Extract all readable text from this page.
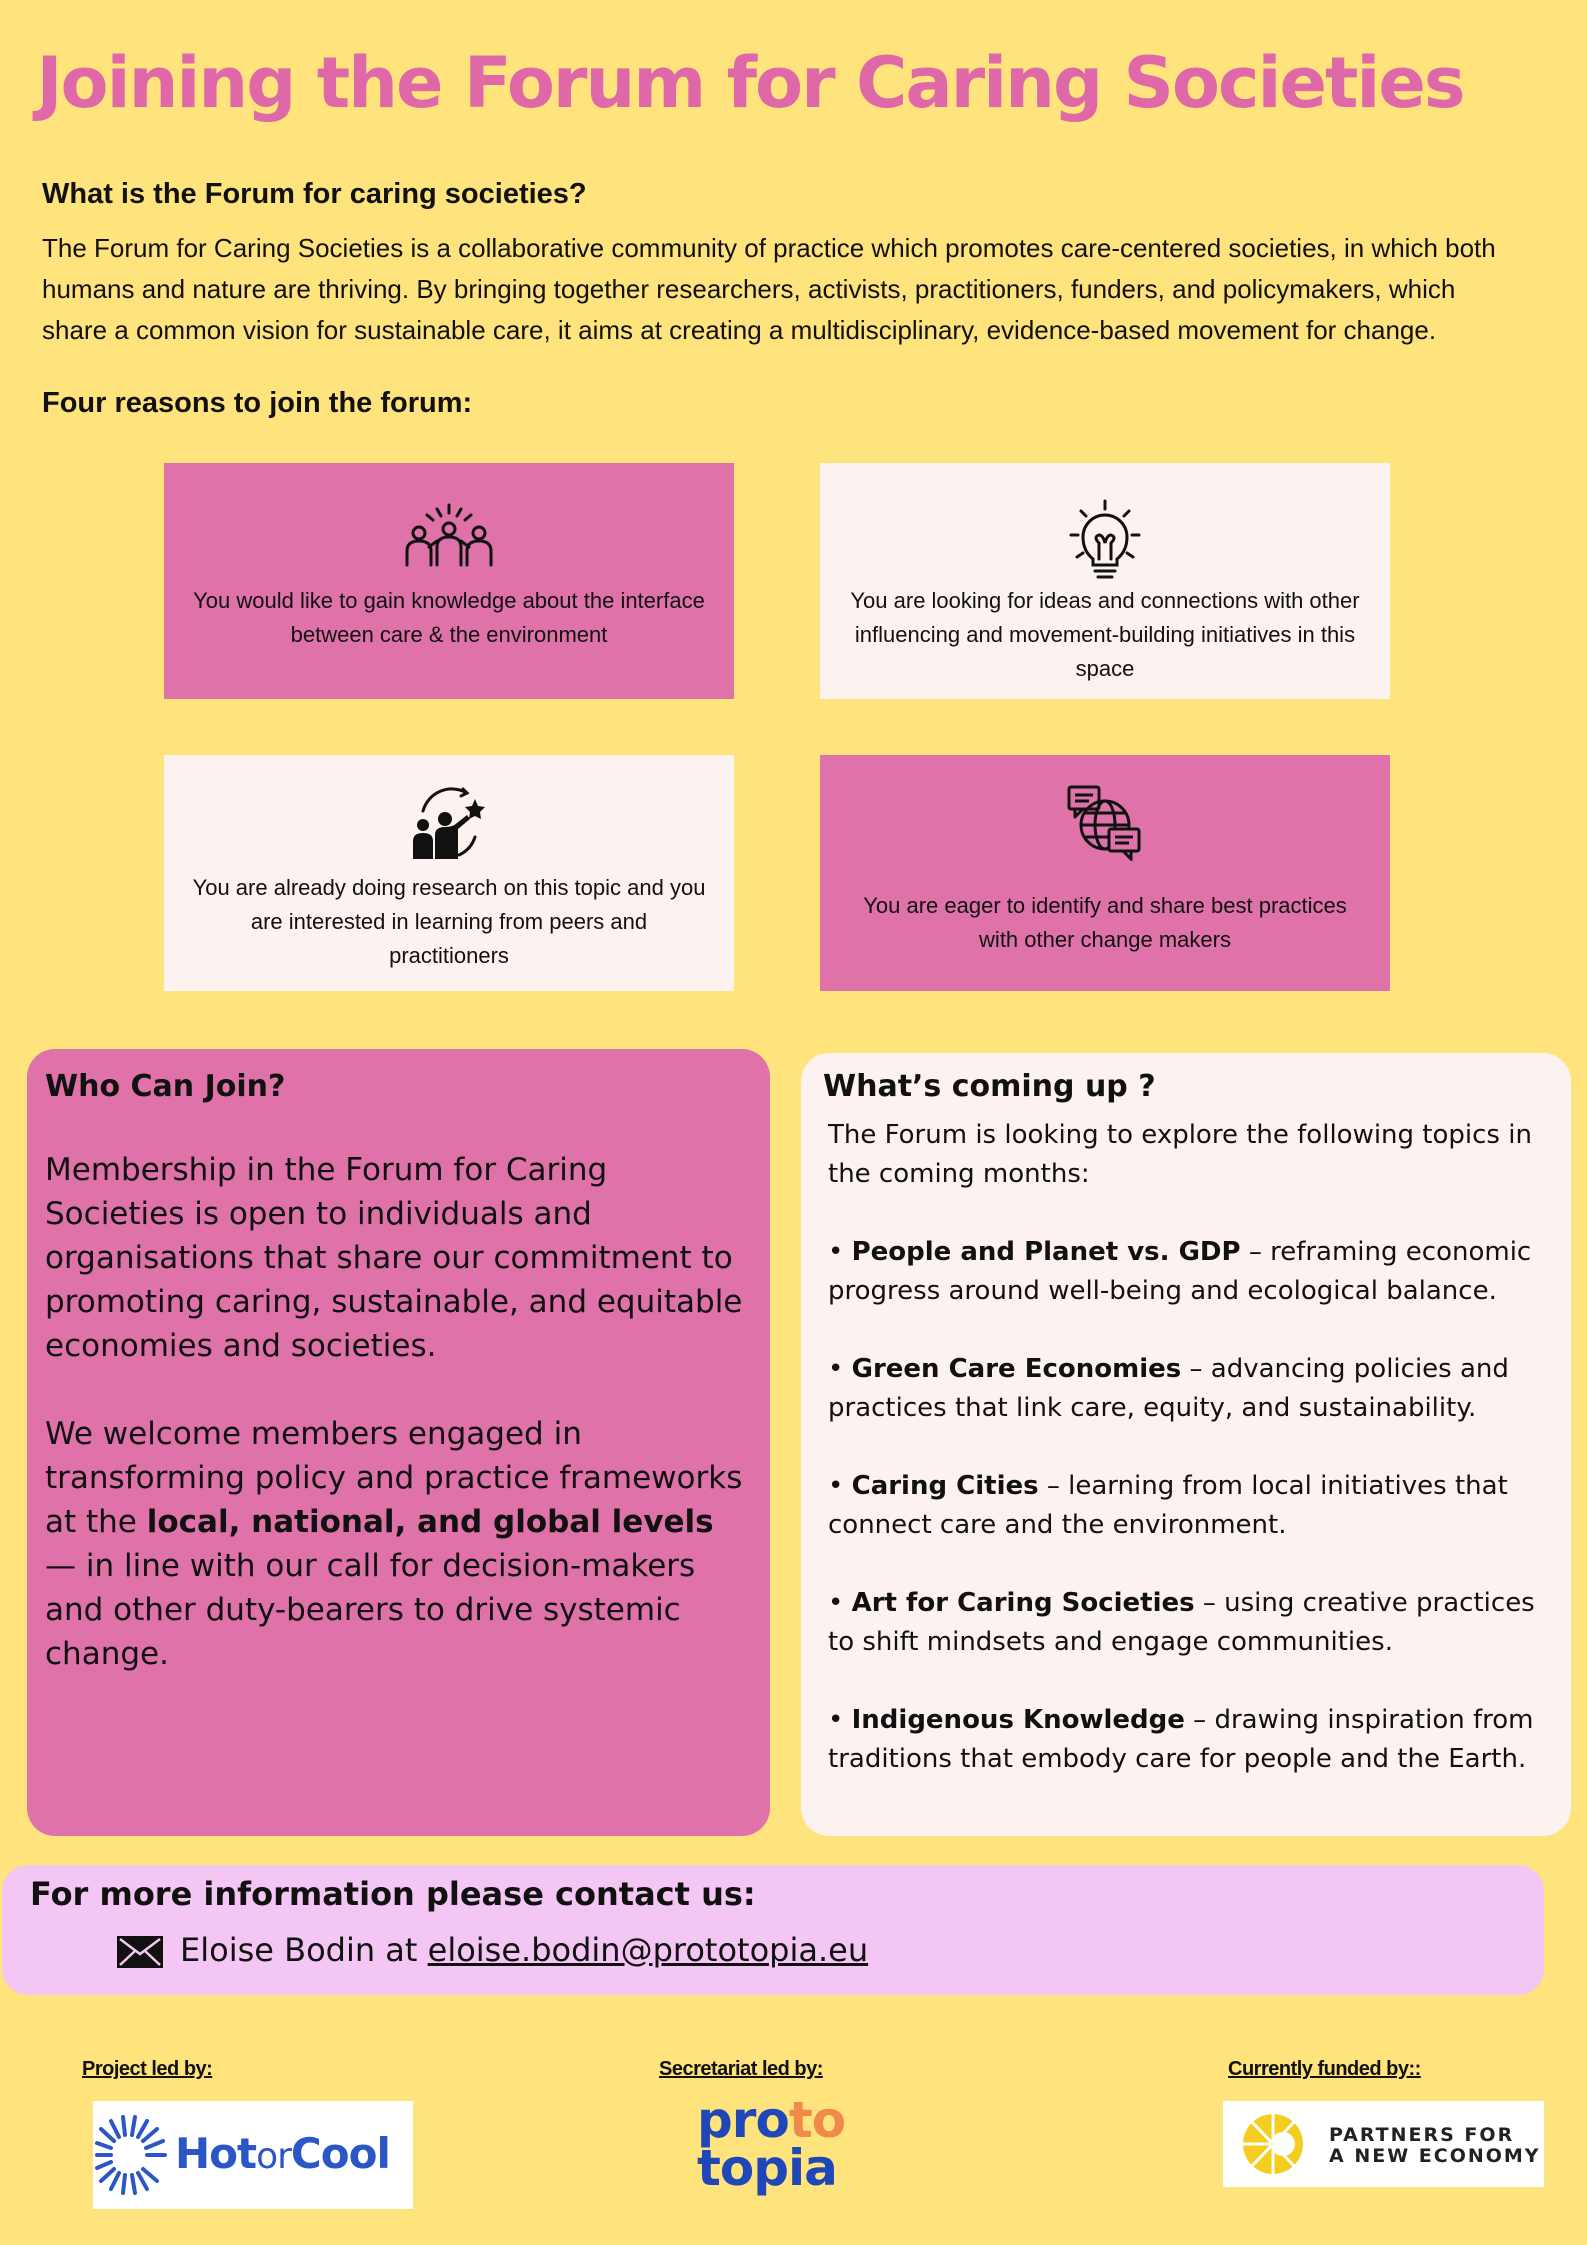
Joining the Forum for Caring Societies
What is the Forum for caring societies?
The Forum for Caring Societies is a collaborative community of practice which promotes care-centered societies, in which both humans and nature are thriving. By bringing together researchers, activists, practitioners, funders, and policymakers, which share a common vision for sustainable care, it aims at creating a multidisciplinary, evidence-based movement for change.
Four reasons to join the forum:
You would like to gain knowledge about the interface between care & the environment
You are looking for ideas and connections with other influencing and movement-building initiatives in this space
You are already doing research on this topic and you are interested in learning from peers and practitioners
You are eager to identify and share best practices with other change makers
Who Can Join?
Membership in the Forum for Caring Societies is open to individuals and organisations that share our commitment to promoting caring, sustainable, and equitable economies and societies.
We welcome members engaged in transforming policy and practice frameworks at the local, national, and global levels — in line with our call for decision-makers and other duty-bearers to drive systemic change.
What’s coming up ?
The Forum is looking to explore the following topics in the coming months:
• People and Planet vs. GDP – reframing economic progress around well-being and ecological balance.
• Green Care Economies – advancing policies and practices that link care, equity, and sustainability.
• Caring Cities – learning from local initiatives that connect care and the environment.
• Art for Caring Societies – using creative practices to shift mindsets and engage communities.
• Indigenous Knowledge – drawing inspiration from traditions that embody care for people and the Earth.
For more information please contact us:
Eloise Bodin at eloise.bodin@prototopia.eu
Project led by:	Secretariat led by:	Currently funded by::
HotorCool
proto
topia
PARTNERS FOR
A NEW ECONOMY
